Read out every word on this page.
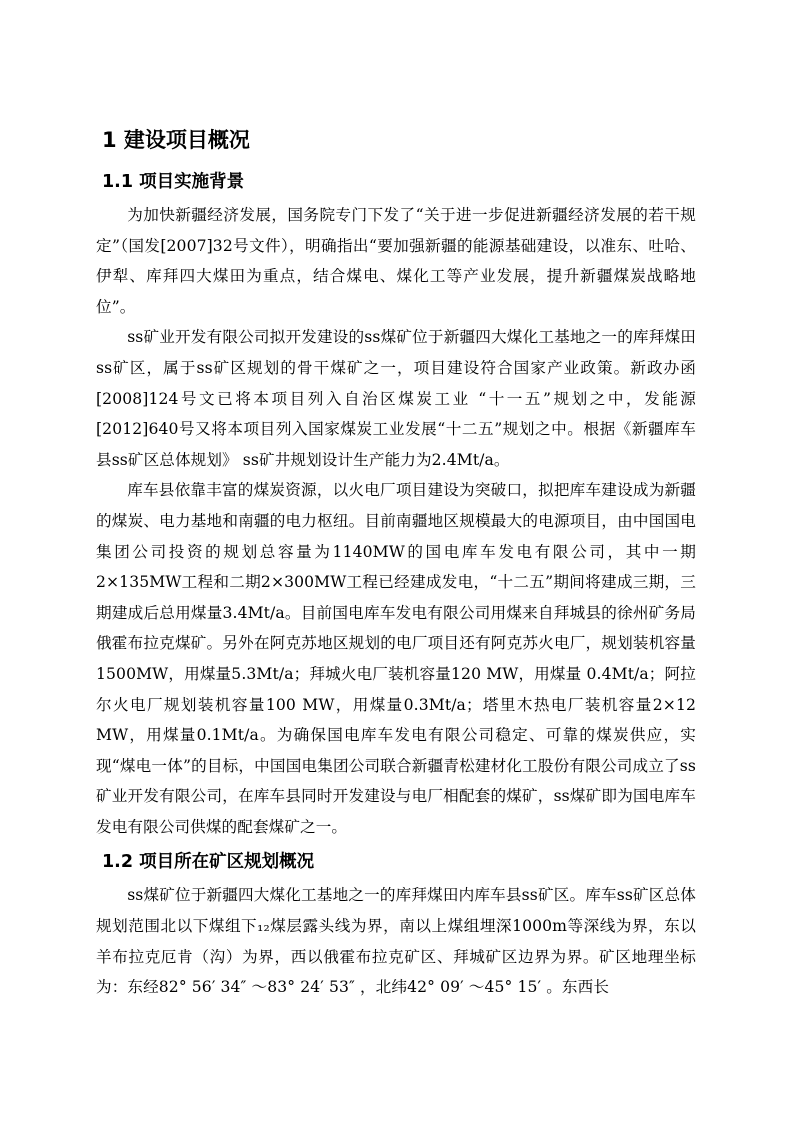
1 建设项目概况
1.1 项目实施背景

为加快新疆经济发展，国务院专门下发了“关于进一步促进新疆经济发展的若干规定”（国发[2007]32号文件），明确指出“要加强新疆的能源基础建设，以准东、吐哈、伊犁、库拜四大煤田为重点，结合煤电、煤化工等产业发展，提升新疆煤炭战略地位”。

ss矿业开发有限公司拟开发建设的ss煤矿位于新疆四大煤化工基地之一的库拜煤田ss矿区，属于ss矿区规划的骨干煤矿之一，项目建设符合国家产业政策。新政办函[2008]124号文已将本项目列入自治区煤炭工业 “十一五”规划之中，发能源[2012]640号又将本项目列入国家煤炭工业发展“十二五”规划之中。根据《新疆库车县ss矿区总体规划》 ss矿井规划设计生产能力为2.4Mt/a。

库车县依靠丰富的煤炭资源，以火电厂项目建设为突破口，拟把库车建设成为新疆的煤炭、电力基地和南疆的电力枢纽。目前南疆地区规模最大的电源项目，由中国国电集团公司投资的规划总容量为1140MW的国电库车发电有限公司，其中一期2×135MW工程和二期2×300MW工程已经建成发电，“十二五”期间将建成三期，三期建成后总用煤量3.4Mt/a。目前国电库车发电有限公司用煤来自拜城县的徐州矿务局俄霍布拉克煤矿。另外在阿克苏地区规划的电厂项目还有阿克苏火电厂，规划装机容量1500MW，用煤量5.3Mt/a；拜城火电厂装机容量120 MW，用煤量 0.4Mt/a；阿拉尔火电厂规划装机容量100 MW，用煤量0.3Mt/a；塔里木热电厂装机容量2×12 MW，用煤量0.1Mt/a。为确保国电库车发电有限公司稳定、可靠的煤炭供应，实现“煤电一体”的目标，中国国电集团公司联合新疆青松建材化工股份有限公司成立了ss矿业开发有限公司，在库车县同时开发建设与电厂相配套的煤矿，ss煤矿即为国电库车发电有限公司供煤的配套煤矿之一。

1.2 项目所在矿区规划概况

ss煤矿位于新疆四大煤化工基地之一的库拜煤田内库车县ss矿区。库车ss矿区总体规划范围北以下煤组下₁₂煤层露头线为界，南以上煤组埋深1000m等深线为界，东以羊布拉克厄肯（沟）为界，西以俄霍布拉克矿区、拜城矿区边界为界。矿区地理坐标为：东经82° 56′ 34″ ～83° 24′ 53″ ，北纬42° 09′ ～45° 15′ 。东西长
